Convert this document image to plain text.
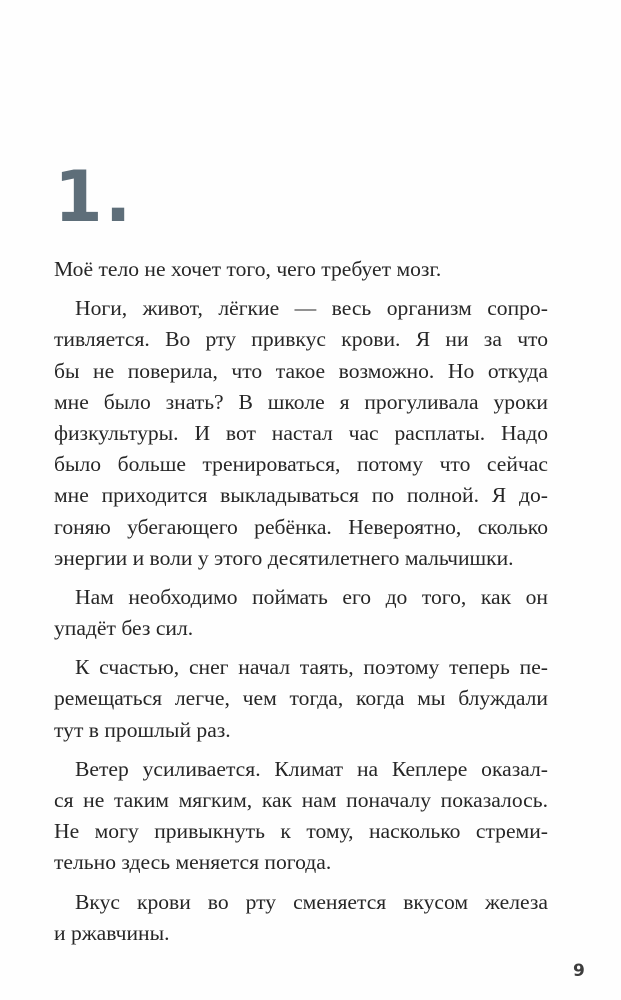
1.
Моё тело не хочет того, чего требует мозг.
Ноги, живот, лёгкие — весь организм сопро-
тивляется. Во рту привкус крови. Я ни за что
бы не поверила, что такое возможно. Но откуда
мне было знать? В школе я прогуливала уроки
физкультуры. И вот настал час расплаты. Надо
было больше тренироваться, потому что сейчас
мне приходится выкладываться по полной. Я до-
гоняю убегающего ребёнка. Невероятно, сколько
энергии и воли у этого десятилетнего мальчишки.
Нам необходимо поймать его до того, как он
упадёт без сил.
К счастью, снег начал таять, поэтому теперь пе-
ремещаться легче, чем тогда, когда мы блуждали
тут в прошлый раз.
Ветер усиливается. Климат на Кеплере оказал-
ся не таким мягким, как нам поначалу показалось.
Не могу привыкнуть к тому, насколько стреми-
тельно здесь меняется погода.
Вкус крови во рту сменяется вкусом железа
и ржавчины.
9
